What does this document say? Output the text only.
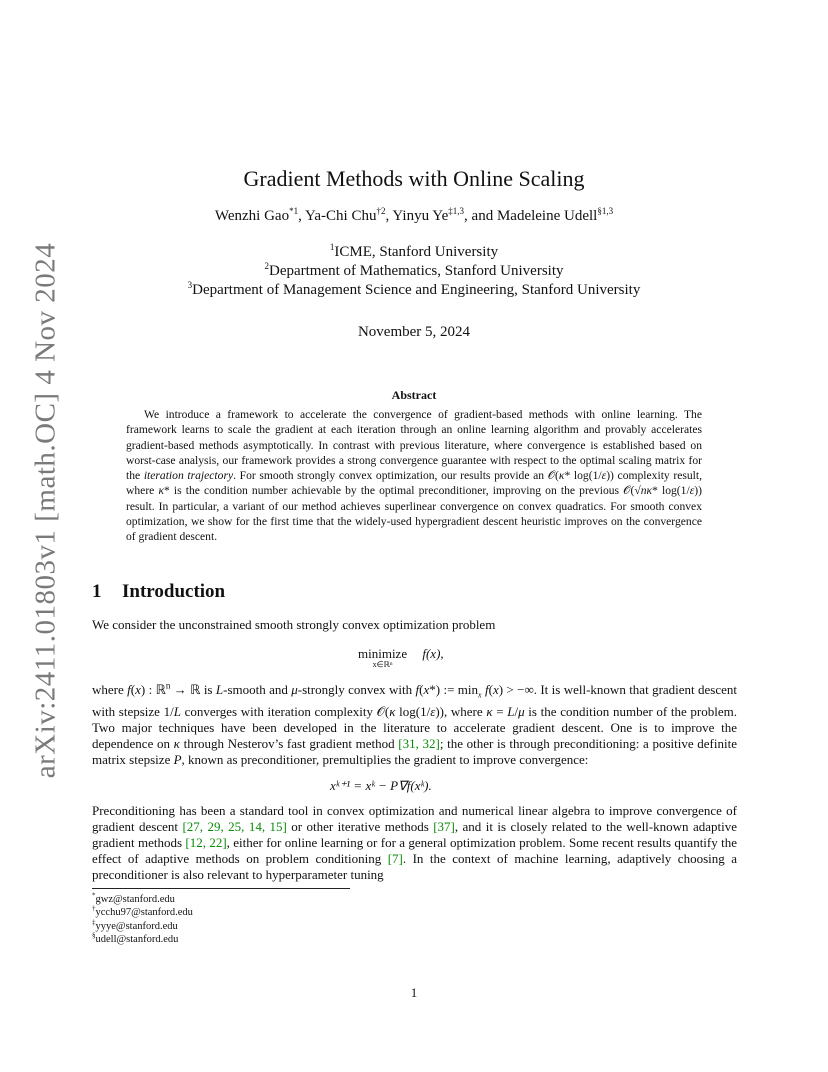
arXiv:2411.01803v1 [math.OC] 4 Nov 2024
Gradient Methods with Online Scaling
Wenzhi Gao$^{*1}$, Ya-Chi Chu$^{\dagger 2}$, Yinyu Ye$^{\ddagger 1,3}$, and Madeleine Udell$^{\S 1,3}$
$^1$ICME, Stanford University
$^2$Department of Mathematics, Stanford University
$^3$Department of Management Science and Engineering, Stanford University
November 5, 2024
Abstract

We introduce a framework to accelerate the convergence of gradient-based methods with online learning. The framework learns to scale the gradient at each iteration through an online learning algorithm and provably accelerates gradient-based methods asymptotically. In contrast with previous literature, where convergence is established based on worst-case analysis, our framework provides a strong convergence guarantee with respect to the optimal scaling matrix for the iteration trajectory. For smooth strongly convex optimization, our results provide an 𝒪(κ* log(1/ε)) complexity result, where κ* is the condition number achievable by the optimal preconditioner, improving on the previous 𝒪(√nκ* log(1/ε)) result. In particular, a variant of our method achieves superlinear convergence on convex quadratics. For smooth convex optimization, we show for the first time that the widely-used hypergradient descent heuristic improves on the convergence of gradient descent.

1 Introduction

We consider the unconstrained smooth strongly convex optimization problem

minimize
x∈ℝⁿ
f(x),

where f(x) : ℝ$^n$ → ℝ is L-smooth and μ-strongly convex with f(x*) := $\min_x f(x)$ > −∞. It is well-known that gradient descent with stepsize 1/L converges with iteration complexity 𝒪(κ log(1/ε)), where κ = L/μ is the condition number of the problem. Two major techniques have been developed in the literature to accelerate gradient descent. One is to improve the dependence on κ through Nesterov’s fast gradient method [31, 32]; the other is through preconditioning: a positive definite matrix stepsize P, known as preconditioner, premultiplies the gradient to improve convergence:

xᵏ⁺¹ = xᵏ − P∇f(xᵏ).

Preconditioning has been a standard tool in convex optimization and numerical linear algebra to improve convergence of gradient descent [27, 29, 25, 14, 15] or other iterative methods [37], and it is closely related to the well-known adaptive gradient methods [12, 22], either for online learning or for a general optimization problem. Some recent results quantify the effect of adaptive methods on problem conditioning [7]. In the context of machine learning, adaptively choosing a preconditioner is also relevant to hyperparameter tuning

*gwz@stanford.edu
†ycchu97@stanford.edu
‡yyye@stanford.edu
§udell@stanford.edu
1
